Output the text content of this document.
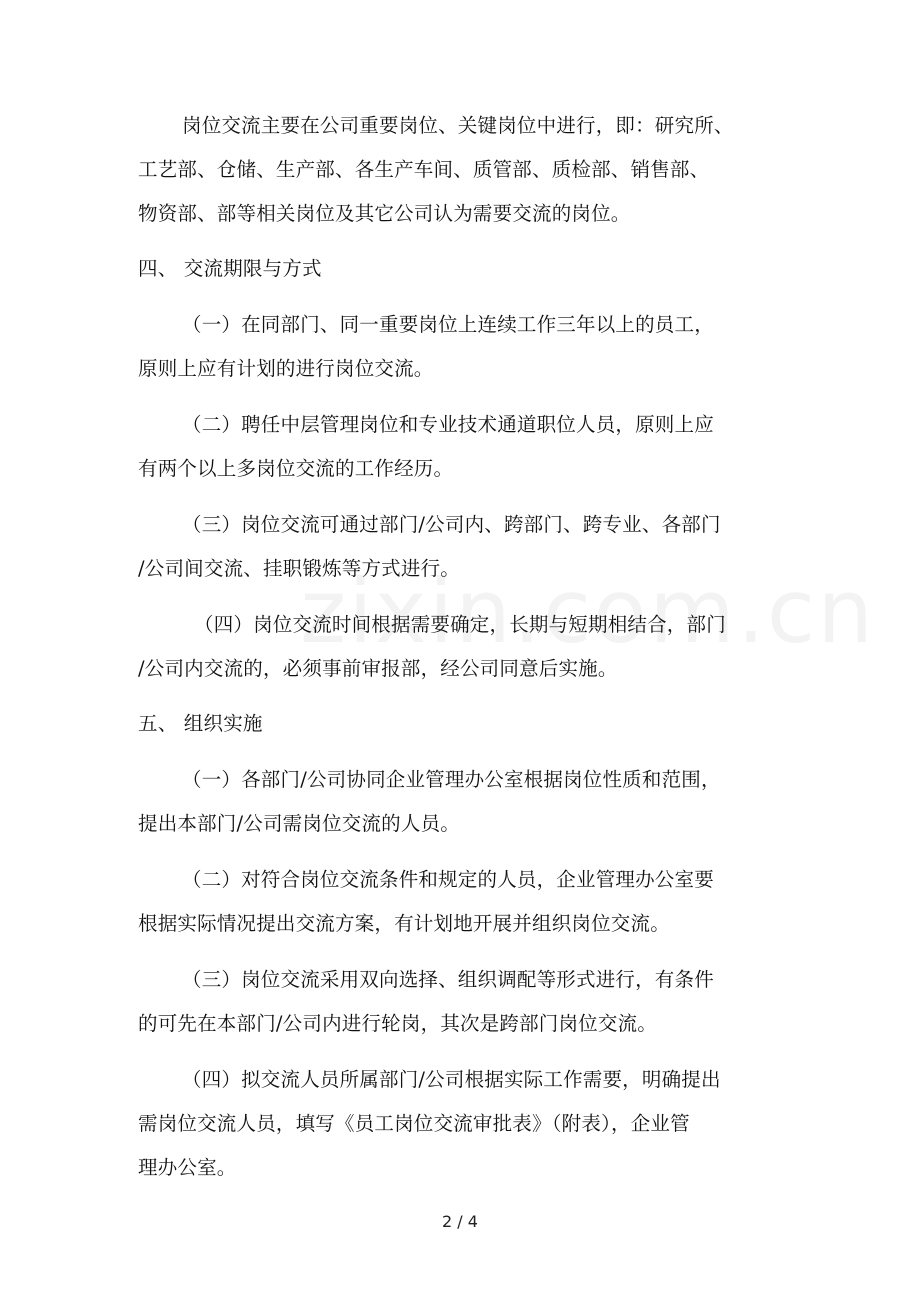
岗位交流主要在公司重要岗位、关键岗位中进行，即：研究所、
工艺部、仓储、生产部、各生产车间、质管部、质检部、销售部、
物资部、部等相关岗位及其它公司认为需要交流的岗位。
四、 交流期限与方式
（一）在同部门、同一重要岗位上连续工作三年以上的员工，
原则上应有计划的进行岗位交流。
（二）聘任中层管理岗位和专业技术通道职位人员，原则上应
有两个以上多岗位交流的工作经历。
（三）岗位交流可通过部门/公司内、跨部门、跨专业、各部门
/公司间交流、挂职锻炼等方式进行。
（四）岗位交流时间根据需要确定，长期与短期相结合，部门
/公司内交流的，必须事前审报部，经公司同意后实施。
五、 组织实施
（一）各部门/公司协同企业管理办公室根据岗位性质和范围，
提出本部门/公司需岗位交流的人员。
（二）对符合岗位交流条件和规定的人员，企业管理办公室要
根据实际情况提出交流方案，有计划地开展并组织岗位交流。
（三）岗位交流采用双向选择、组织调配等形式进行，有条件
的可先在本部门/公司内进行轮岗，其次是跨部门岗位交流。
（四）拟交流人员所属部门/公司根据实际工作需要，明确提出
需岗位交流人员，填写《员工岗位交流审批表》（附表），企业管
理办公室。
2 / 4
